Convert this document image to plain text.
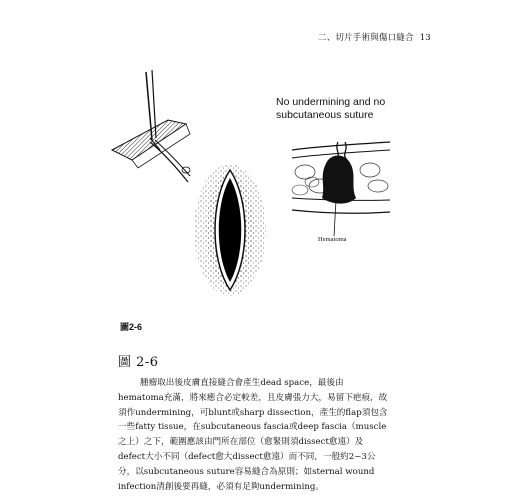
二、切片手術與傷口縫合 13
No undermining and no subcutaneous suture
Hematoma
圖2-6
圖 2-6

腫瘤取出後皮膚直接縫合會產生dead space，最後由hematoma充滿，將來癒合必定較差，且皮膚張力大，易留下疤痕，故須作undermining，可blunt或sharp dissection，產生的flap須包含一些fatty tissue，在subcutaneous fascia或deep fascia（muscle之上）之下，範圍應該由門所在部位（愈緊則須dissect愈遠）及defect大小不同（defect愈大dissect愈遠）而不同，一般約2~3公分，以subcutaneous suture容易縫合為原則；如sternal wound infection清創後要再縫，必須有足夠undermining。
